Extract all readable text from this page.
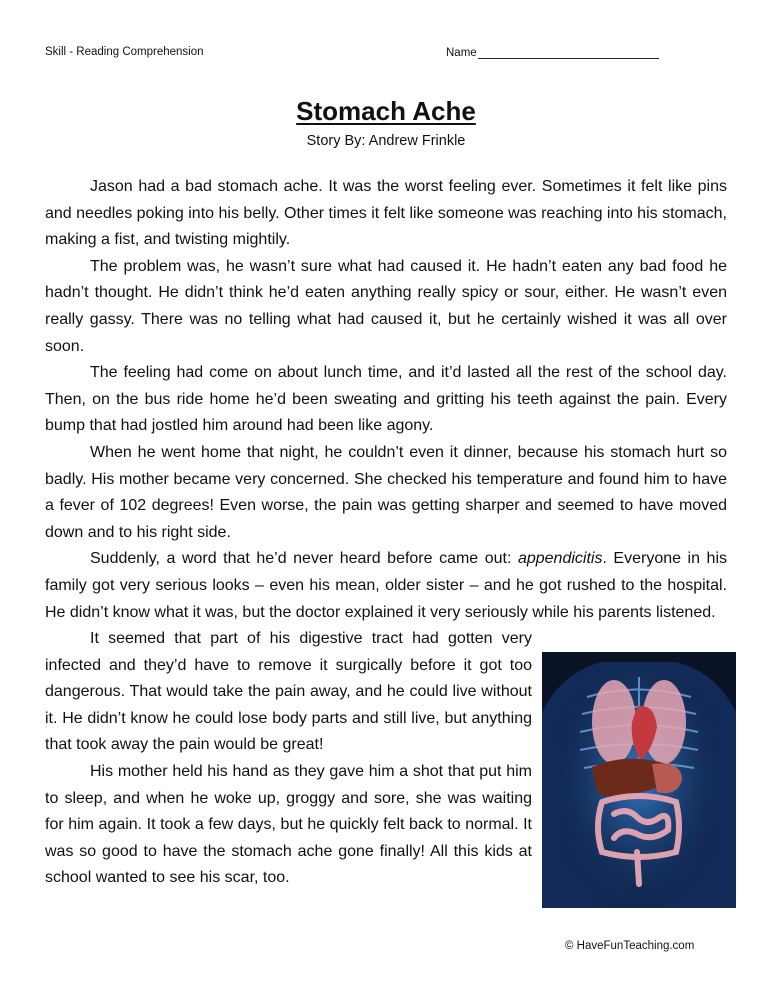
Skill - Reading Comprehension	Name
Stomach Ache
Story By: Andrew Frinkle

Jason had a bad stomach ache. It was the worst feeling ever. Sometimes it felt like pins and needles poking into his belly. Other times it felt like someone was reaching into his stomach, making a fist, and twisting mightily.

The problem was, he wasn’t sure what had caused it. He hadn’t eaten any bad food he hadn’t thought. He didn’t think he’d eaten anything really spicy or sour, either. He wasn’t even really gassy. There was no telling what had caused it, but he certainly wished it was all over soon.

The feeling had come on about lunch time, and it’d lasted all the rest of the school day. Then, on the bus ride home he’d been sweating and gritting his teeth against the pain. Every bump that had jostled him around had been like agony.

When he went home that night, he couldn’t even it dinner, because his stomach hurt so badly. His mother became very concerned. She checked his temperature and found him to have a fever of 102 degrees! Even worse, the pain was getting sharper and seemed to have moved down and to his right side.

Suddenly, a word that he’d never heard before came out: appendicitis. Everyone in his family got very serious looks – even his mean, older sister – and he got rushed to the hospital. He didn’t know what it was, but the doctor explained it very seriously while his parents listened.

It seemed that part of his digestive tract had gotten very infected and they’d have to remove it surgically before it got too dangerous. That would take the pain away, and he could live without it. He didn’t know he could lose body parts and still live, but anything that took away the pain would be great!

His mother held his hand as they gave him a shot that put him to sleep, and when he woke up, groggy and sore, she was waiting for him again. It took a few days, but he quickly felt back to normal. It was so good to have the stomach ache gone finally! All this kids at school wanted to see his scar, too.

© HaveFunTeaching.com
